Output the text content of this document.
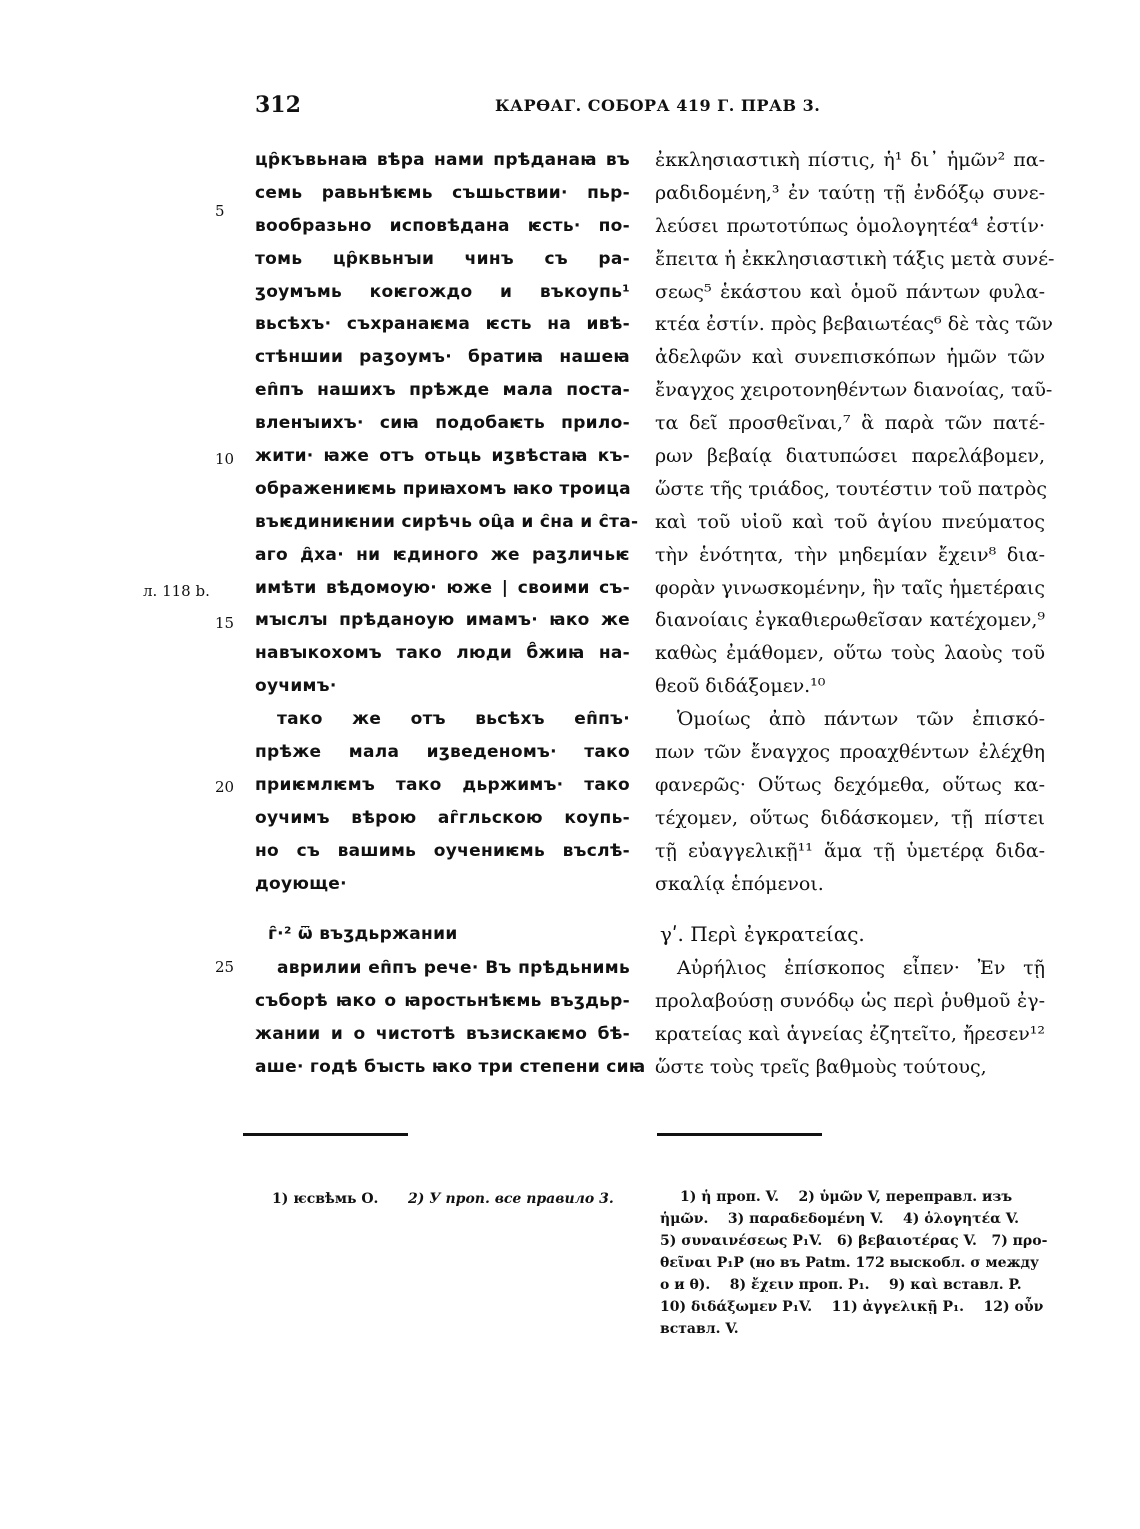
312	КАРѲАГ. СОБОРА 419 Г. ПРАВ 3.
5
10
л. 118 b.
15
20
25
цр̑къвьнаꙗ вѣра нами прѣданаꙗ въ
семь равьнѣѥмь съшьствии· пьр-
вообразьно исповѣдана ѥсть· по-
томь цр̑квьнꙑи чинъ съ ра-
ʒоумъмь коѥгождо и въкоупь¹
вьсѣхъ· съхранаѥма ѥсть на ивѣ-
стѣншии раʒоумъ· братиꙗ нашеꙗ
еп̑пъ нашихъ прѣжде мала поста-
вленꙑихъ· сиꙗ подобаѥть прило-
жити· ꙗже отъ отьць иʒвѣстаꙗ къ-
ображениѥмь приꙗхомъ ꙗко троица
въѥдиниѥнии сирѣчь оц̑а и с̑на и с̑та-
аго д̑ха· ни ѥдиного же раʒличьѥ
имѣти вѣдомоую· юже | своими съ-
мꙑслꙑ прѣданоую имамъ· ꙗко же
навꙑкохомъ тако люди б̑жиꙗ на-
оучимъ·
тако же отъ вьсѣхъ еп̑пъ·
прѣже мала иʒведеномъ· тако
приѥмлѥмъ тако дьржимъ· тако
оучимъ вѣрою аг̑гльскою коупь-
но съ вашимь оучениѥмь въслѣ-
доующе·
г̑·² ѿ въʒдьржании
аврилии еп̑пъ рече· Въ прѣдьнимь
съборѣ ꙗко о ꙗростьнѣѥмь въʒдьр-
жании и о чистотѣ възискаѥмо бѣ-
аше· годѣ бꙑсть ꙗко три степени сиꙗ
ἐκκλησιαστικὴ πίστις, ἡ¹ δι᾽ ἡμῶν² πα-
ραδιδομένη,³ ἐν ταύτῃ τῇ ἐνδόξῳ συνε-
λεύσει πρωτοτύπως ὁμολογητέα⁴ ἐστίν·
ἔπειτα ἡ ἐκκλησιαστικὴ τάξις μετὰ συνέ-
σεως⁵ ἑκάστου καὶ ὁμοῦ πάντων φυλα-
κτέα ἐστίν. πρὸς βεβαιωτέας⁶ δὲ τὰς τῶν
ἀδελφῶν καὶ συνεπισκόπων ἡμῶν τῶν
ἔναγχος χειροτονηθέντων διανοίας, ταῦ-
τα δεῖ προσθεῖναι,⁷ ἃ παρὰ τῶν πατέ-
ρων βεβαίᾳ διατυπώσει παρελάβομεν,
ὥστε τῆς τριάδος, τουτέστιν τοῦ πατρὸς
καὶ τοῦ υἱοῦ καὶ τοῦ ἁγίου πνεύματος
τὴν ἑνότητα, τὴν μηδεμίαν ἔχειν⁸ δια-
φορὰν γινωσκομένην, ἣν ταῖς ἡμετέραις
διανοίαις ἐγκαθιερωθεῖσαν κατέχομεν,⁹
καθὼς ἐμάθομεν, οὕτω τοὺς λαοὺς τοῦ
θεοῦ διδάξομεν.¹⁰
Ὁμοίως ἀπὸ πάντων τῶν ἐπισκό-
πων τῶν ἔναγχος προαχθέντων ἐλέχθη
φανερῶς· Οὕτως δεχόμεθα, οὕτως κα-
τέχομεν, οὕτως διδάσκομεν, τῇ πίστει
τῇ εὐαγγελικῇ¹¹ ἅμα τῇ ὑμετέρᾳ διδα-
σκαλίᾳ ἑπόμενοι.
γʹ. Περὶ ἐγκρατείας.
Αὐρήλιος ἐπίσκοπος εἶπεν· Ἐν τῇ
προλαβούσῃ συνόδῳ ὡς περὶ ῥυθμοῦ ἐγ-
κρατείας καὶ ἁγνείας ἐζητεῖτο, ἤρεσεν¹²
ὥστε τοὺς τρεῖς βαθμοὺς τούτους,
1) ѥсвѣмь О. 2) У проп. все правило 3.	1) ἡ проп. V.    2) ὑμῶν V, переправл. изъ
ἡμῶν.    3) παραδεδομένη V.    4) ὁλογητέα V.
5) συναινέσεως P₁V.   6) βεβαιοτέρας V.   7) προ-
θεῖναι P₁P (но въ Patm. 172 выскобл. σ между
ο и θ).    8) ἔχειν проп. P₁.    9) καὶ вставл. P.
10) διδάξωμεν P₁V.    11) ἀγγελικῇ P₁.    12) οὖν
вставл. V.
